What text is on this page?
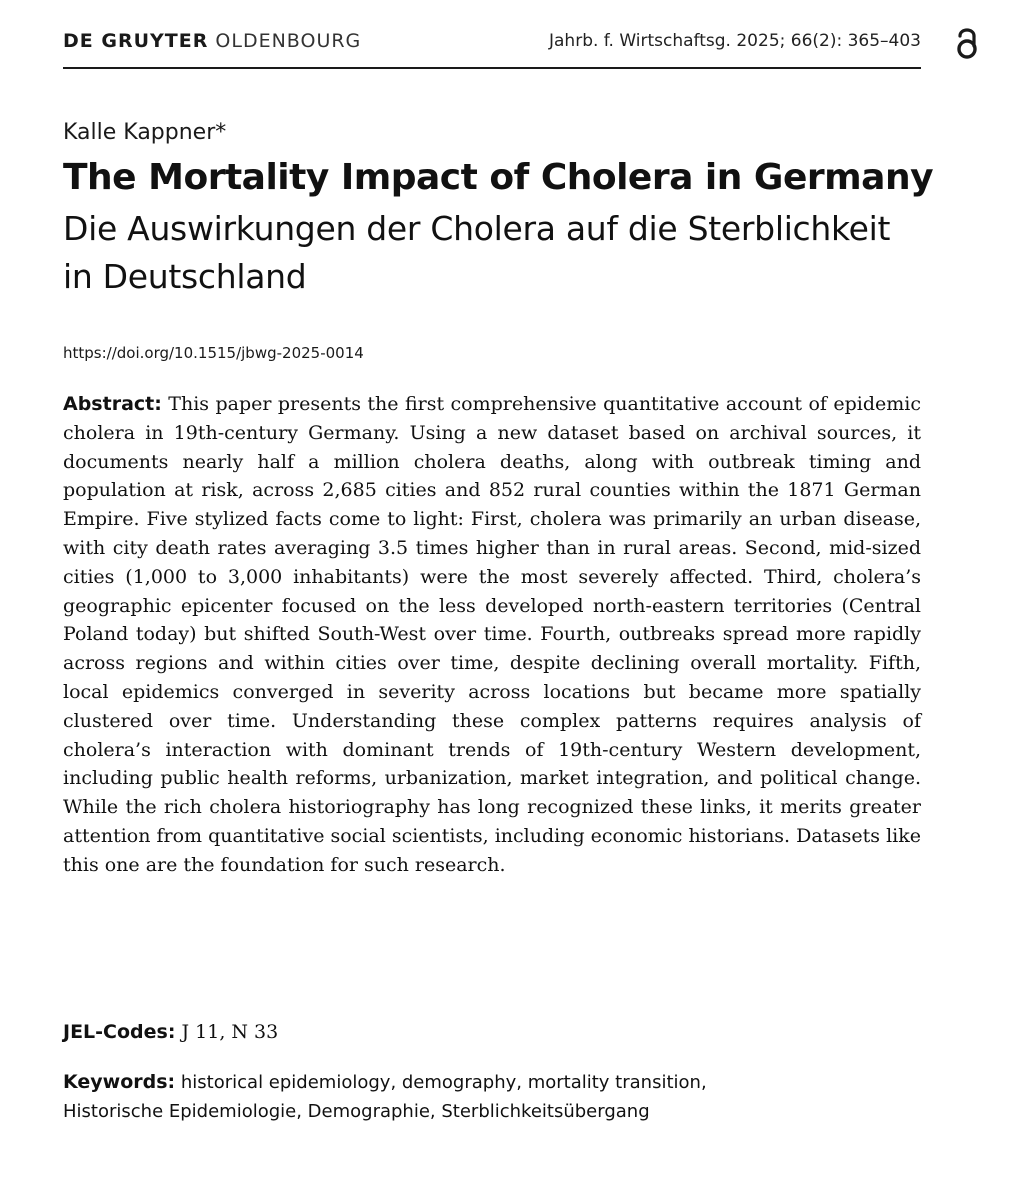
DE GRUYTER OLDENBOURG	Jahrb. f. Wirtschaftsg. 2025; 66(2): 365–403
Kalle Kappner*
The Mortality Impact of Cholera in Germany
Die Auswirkungen der Cholera auf die Sterblichkeit in Deutschland
https://doi.org/10.1515/jbwg-2025-0014
Abstract: This paper presents the first comprehensive quantitative account of epidemic cholera in 19th-century Germany. Using a new dataset based on archival sources, it documents nearly half a million cholera deaths, along with outbreak timing and population at risk, across 2,685 cities and 852 rural counties within the 1871 German Empire. Five stylized facts come to light: First, cholera was primarily an urban disease, with city death rates averaging 3.5 times higher than in rural areas. Second, mid-sized cities (1,000 to 3,000 inhabitants) were the most severely affected. Third, cholera’s geographic epicenter focused on the less developed north-eastern territories (Central Poland today) but shifted South-West over time. Fourth, outbreaks spread more rapidly across regions and within cities over time, despite declining overall mortality. Fifth, local epidemics converged in severity across locations but became more spatially clustered over time. Understanding these complex patterns requires analysis of cholera’s interaction with dominant trends of 19th-century Western development, including public health reforms, urbanization, market integration, and political change. While the rich cholera historiography has long recognized these links, it merits greater attention from quantitative social scientists, including economic historians. Datasets like this one are the foundation for such research.
JEL-Codes: J 11, N 33
Keywords: historical epidemiology, demography, mortality transition,
Historische Epidemiologie, Demographie, Sterblichkeitsübergang
